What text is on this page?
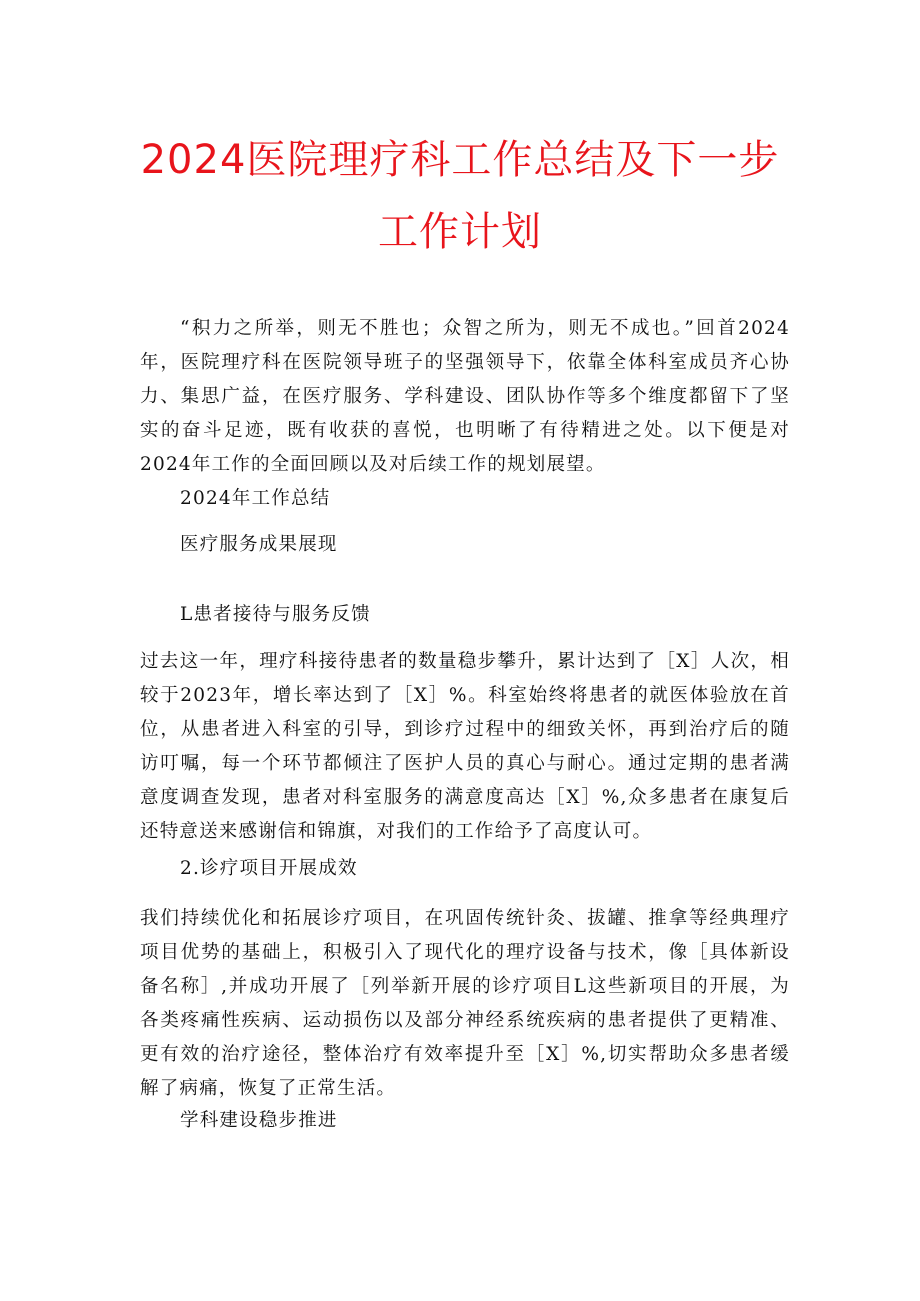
2024医院理疗科工作总结及下一步
工作计划

“积力之所举，则无不胜也；众智之所为，则无不成也。”回首2024年，医院理疗科在医院领导班子的坚强领导下，依靠全体科室成员齐心协力、集思广益，在医疗服务、学科建设、团队协作等多个维度都留下了坚实的奋斗足迹，既有收获的喜悦，也明晰了有待精进之处。以下便是对2024年工作的全面回顾以及对后续工作的规划展望。

2024年工作总结

医疗服务成果展现

L患者接待与服务反馈

过去这一年，理疗科接待患者的数量稳步攀升，累计达到了［X］人次，相较于2023年，增长率达到了［X］%。科室始终将患者的就医体验放在首位，从患者进入科室的引导，到诊疗过程中的细致关怀，再到治疗后的随访叮嘱，每一个环节都倾注了医护人员的真心与耐心。通过定期的患者满意度调查发现，患者对科室服务的满意度高达［X］%,众多患者在康复后还特意送来感谢信和锦旗，对我们的工作给予了高度认可。

2.诊疗项目开展成效

我们持续优化和拓展诊疗项目，在巩固传统针灸、拔罐、推拿等经典理疗项目优势的基础上，积极引入了现代化的理疗设备与技术，像［具体新设备名称］,并成功开展了［列举新开展的诊疗项目L这些新项目的开展，为各类疼痛性疾病、运动损伤以及部分神经系统疾病的患者提供了更精准、更有效的治疗途径，整体治疗有效率提升至［X］%,切实帮助众多患者缓解了病痛，恢复了正常生活。

学科建设稳步推进
